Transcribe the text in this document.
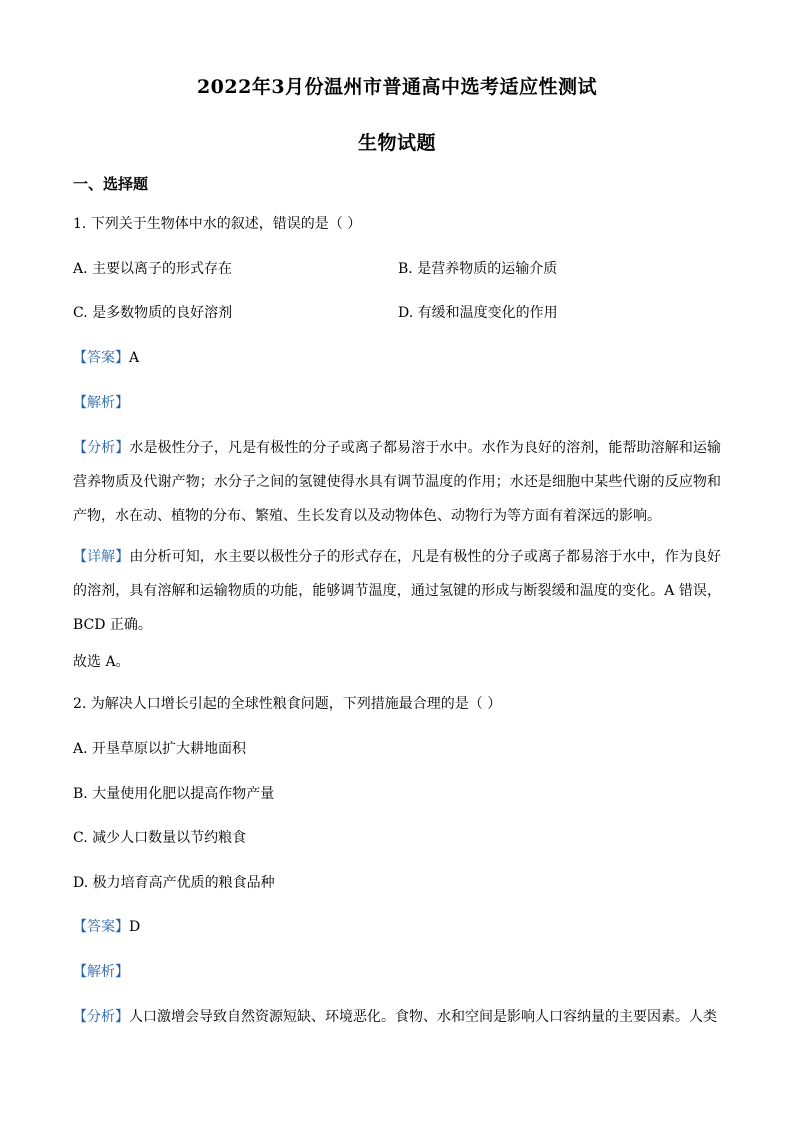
2022年3月份温州市普通高中选考适应性测试
生物试题
一、选择题
1. 下列关于生物体中水的叙述，错误的是（ ）
A. 主要以离子的形式存在	B. 是营养物质的运输介质
C. 是多数物质的良好溶剂	D. 有缓和温度变化的作用
【答案】A
【解析】
【分析】水是极性分子，凡是有极性的分子或离子都易溶于水中。水作为良好的溶剂，能帮助溶解和运输营养物质及代谢产物；水分子之间的氢键使得水具有调节温度的作用；水还是细胞中某些代谢的反应物和产物，水在动、植物的分布、繁殖、生长发育以及动物体色、动物行为等方面有着深远的影响。
【详解】由分析可知，水主要以极性分子的形式存在，凡是有极性的分子或离子都易溶于水中，作为良好的溶剂，具有溶解和运输物质的功能，能够调节温度，通过氢键的形成与断裂缓和温度的变化。A 错误，BCD 正确。
故选 A。
2. 为解决人口增长引起的全球性粮食问题，下列措施最合理的是（ ）
A. 开垦草原以扩大耕地面积
B. 大量使用化肥以提高作物产量
C. 减少人口数量以节约粮食
D. 极力培育高产优质的粮食品种
【答案】D
【解析】
【分析】人口激增会导致自然资源短缺、环境恶化。食物、水和空间是影响人口容纳量的主要因素。人类
